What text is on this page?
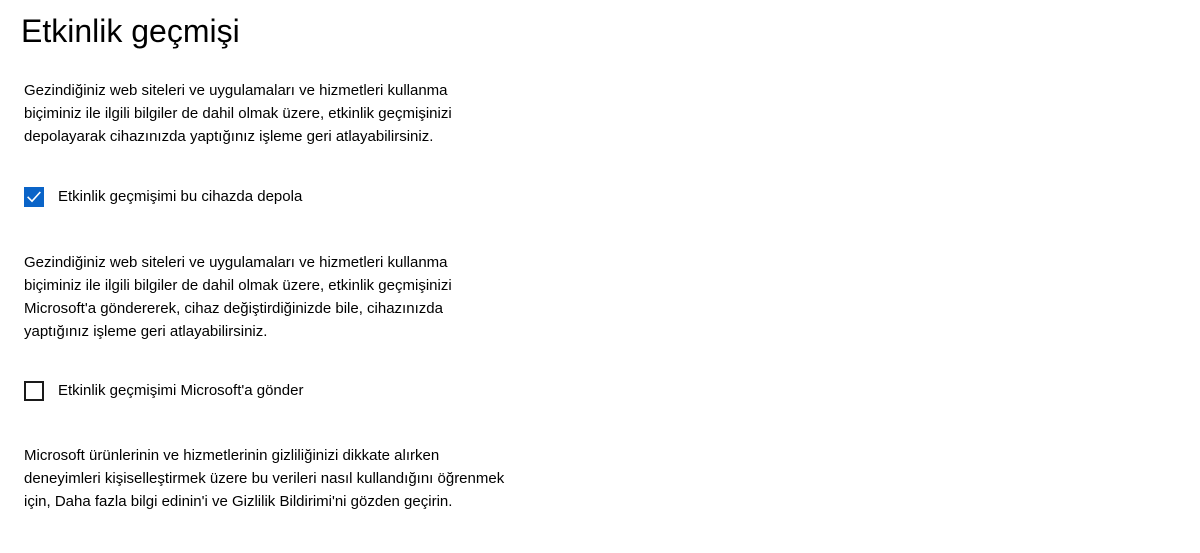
Etkinlik geçmişi

Gezindiğiniz web siteleri ve uygulamaları ve hizmetleri kullanma
biçiminiz ile ilgili bilgiler de dahil olmak üzere, etkinlik geçmişinizi
depolayarak cihazınızda yaptığınız işleme geri atlayabilirsiniz.

Etkinlik geçmişimi bu cihazda depola

Gezindiğiniz web siteleri ve uygulamaları ve hizmetleri kullanma
biçiminiz ile ilgili bilgiler de dahil olmak üzere, etkinlik geçmişinizi
Microsoft'a göndererek, cihaz değiştirdiğinizde bile, cihazınızda
yaptığınız işleme geri atlayabilirsiniz.

Etkinlik geçmişimi Microsoft'a gönder

Microsoft ürünlerinin ve hizmetlerinin gizliliğinizi dikkate alırken
deneyimleri kişiselleştirmek üzere bu verileri nasıl kullandığını öğrenmek
için, Daha fazla bilgi edinin'i ve Gizlilik Bildirimi'ni gözden geçirin.
